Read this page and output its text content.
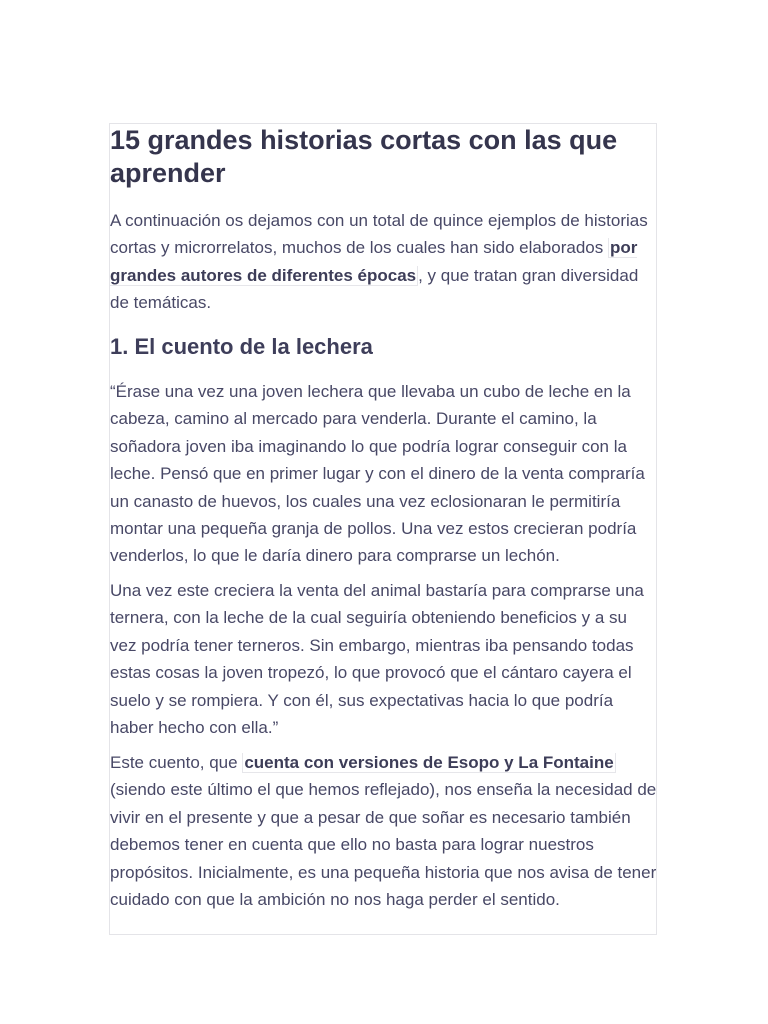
15 grandes historias cortas con las que aprender

A continuación os dejamos con un total de quince ejemplos de historias cortas y microrrelatos, muchos de los cuales han sido elaborados por grandes autores de diferentes épocas , y que tratan gran diversidad de temáticas.

1. El cuento de la lechera

“Érase una vez una joven lechera que llevaba un cubo de leche en la cabeza, camino al mercado para venderla. Durante el camino, la soñadora joven iba imaginando lo que podría lograr conseguir con la leche. Pensó que en primer lugar y con el dinero de la venta compraría un canasto de huevos, los cuales una vez eclosionaran le permitiría montar una pequeña granja de pollos. Una vez estos crecieran podría venderlos, lo que le daría dinero para comprarse un lechón.

Una vez este creciera la venta del animal bastaría para comprarse una ternera, con la leche de la cual seguiría obteniendo beneficios y a su vez podría tener terneros. Sin embargo, mientras iba pensando todas estas cosas la joven tropezó, lo que provocó que el cántaro cayera el suelo y se rompiera. Y con él, sus expectativas hacia lo que podría haber hecho con ella.”

Este cuento, que cuenta con versiones de Esopo y La Fontaine (siendo este último el que hemos reflejado), nos enseña la necesidad de vivir en el presente y que a pesar de que soñar es necesario también debemos tener en cuenta que ello no basta para lograr nuestros propósitos. Inicialmente, es una pequeña historia que nos avisa de tener cuidado con que la ambición no nos haga perder el sentido.
